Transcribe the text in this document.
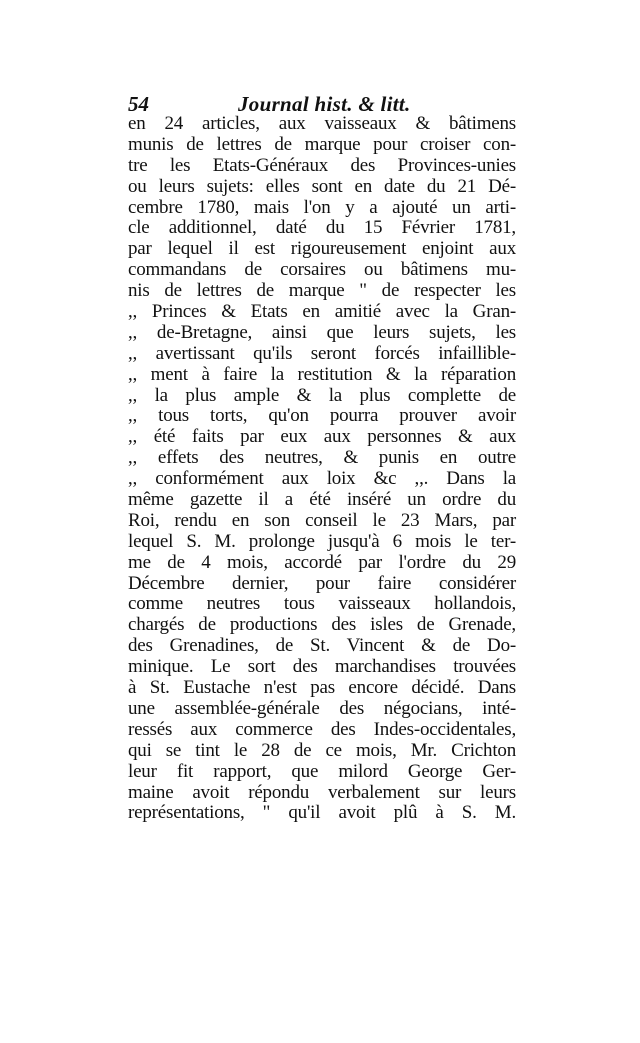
54	Journal hist. & litt.
en 24 articles, aux vaisseaux & bâtimens
munis de lettres de marque pour croiser con-
tre les Etats-Généraux des Provinces-unies
ou leurs sujets: elles sont en date du 21 Dé-
cembre 1780, mais l'on y a ajouté un arti-
cle additionnel, daté du 15 Février 1781,
par lequel il est rigoureusement enjoint aux
commandans de corsaires ou bâtimens mu-
nis de lettres de marque " de respecter les
,, Princes & Etats en amitié avec la Gran-
,, de-Bretagne, ainsi que leurs sujets, les
,, avertissant qu'ils seront forcés infaillible-
,, ment à faire la restitution & la réparation
,, la plus ample & la plus complette de
,, tous torts, qu'on pourra prouver avoir
,, été faits par eux aux personnes & aux
,, effets des neutres, & punis en outre
,, conformément aux loix &c ,,. Dans la
même gazette il a été inséré un ordre du
Roi, rendu en son conseil le 23 Mars, par
lequel S. M. prolonge jusqu'à 6 mois le ter-
me de 4 mois, accordé par l'ordre du 29
Décembre dernier, pour faire considérer
comme neutres tous vaisseaux hollandois,
chargés de productions des isles de Grenade,
des Grenadines, de St. Vincent & de Do-
minique. Le sort des marchandises trouvées
à St. Eustache n'est pas encore décidé. Dans
une assemblée-générale des négocians, inté-
ressés aux commerce des Indes-occidentales,
qui se tint le 28 de ce mois, Mr. Crichton
leur fit rapport, que milord George Ger-
maine avoit répondu verbalement sur leurs
représentations, " qu'il avoit plû à S. M.
